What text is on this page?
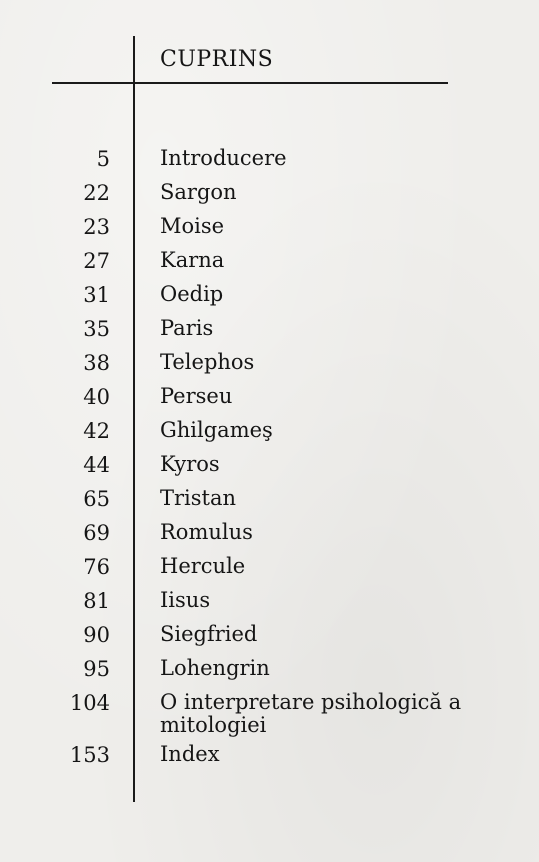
CUPRINS
5 Introducere
22 Sargon
23 Moise
27 Karna
31 Oedip
35 Paris
38 Telephos
40 Perseu
42 Ghilgameş
44 Kyros
65 Tristan
69 Romulus
76 Hercule
81 Iisus
90 Siegfried
95 Lohengrin
104 O interpretare psihologică a mitologiei
153 Index
